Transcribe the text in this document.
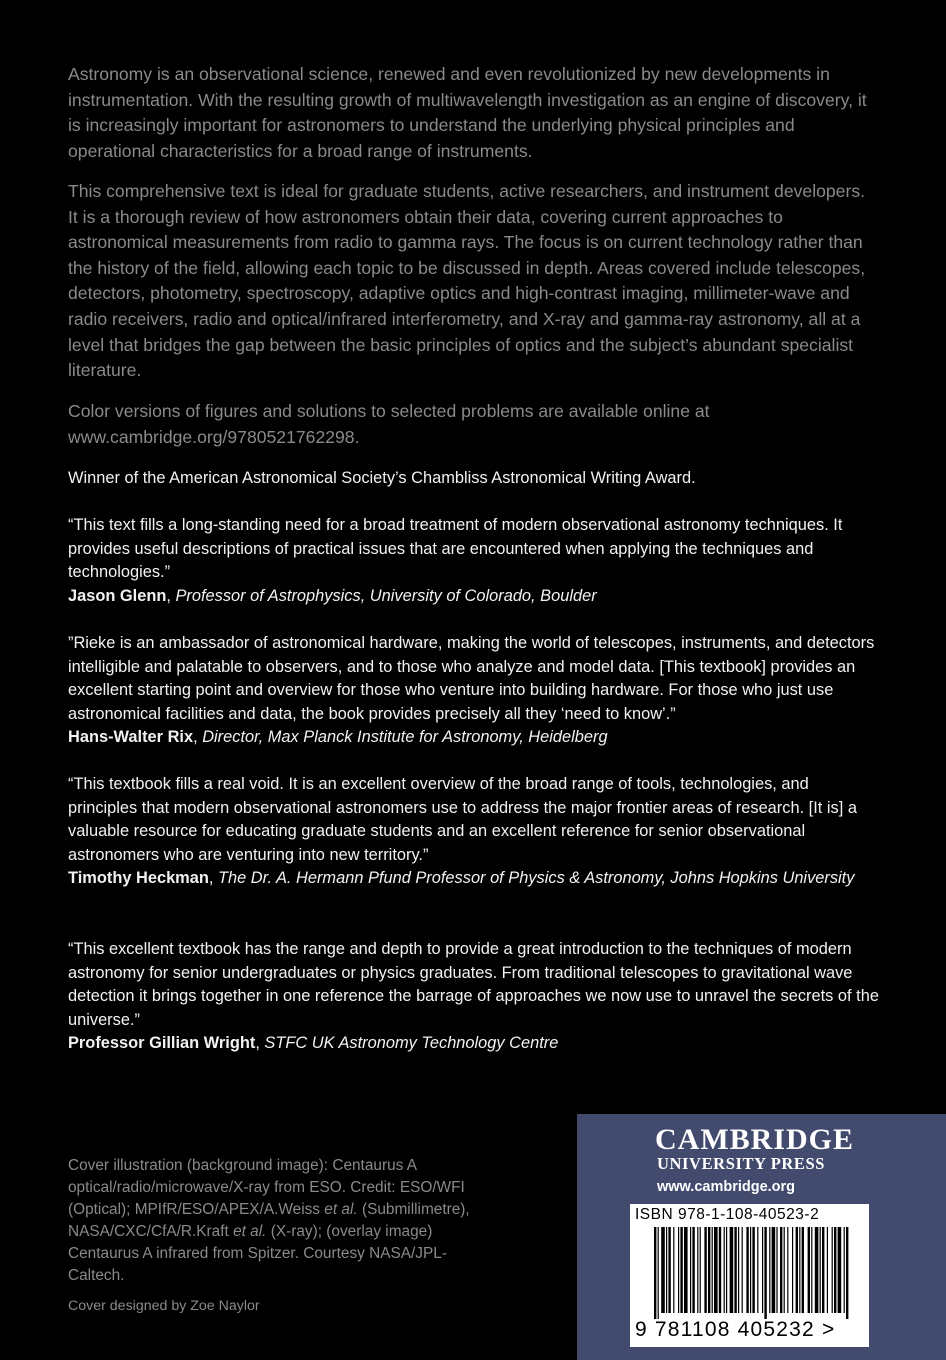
Astronomy is an observational science, renewed and even revolutionized by new developments in instrumentation. With the resulting growth of multiwavelength investigation as an engine of discovery, it is increasingly important for astronomers to understand the underlying physical principles and operational characteristics for a broad range of instruments.

This comprehensive text is ideal for graduate students, active researchers, and instrument developers. It is a thorough review of how astronomers obtain their data, covering current approaches to astronomical measurements from radio to gamma rays. The focus is on current technology rather than the history of the field, allowing each topic to be discussed in depth. Areas covered include telescopes, detectors, photometry, spectroscopy, adaptive optics and high-contrast imaging, millimeter-wave and radio receivers, radio and optical/infrared interferometry, and X-ray and gamma-ray astronomy, all at a level that bridges the gap between the basic principles of optics and the subject’s abundant specialist literature.

Color versions of figures and solutions to selected problems are available online at www.cambridge.org/9780521762298.

Winner of the American Astronomical Society’s Chambliss Astronomical Writing Award.

“This text fills a long-standing need for a broad treatment of modern observational astronomy techniques. It provides useful descriptions of practical issues that are encountered when applying the techniques and technologies.”

Jason Glenn, Professor of Astrophysics, University of Colorado, Boulder

”Rieke is an ambassador of astronomical hardware, making the world of telescopes, instruments, and detectors intelligible and palatable to observers, and to those who analyze and model data. [This textbook] provides an excellent starting point and overview for those who venture into building hardware. For those who just use astronomical facilities and data, the book provides precisely all they ‘need to know’.”

Hans-Walter Rix, Director, Max Planck Institute for Astronomy, Heidelberg

“This textbook fills a real void. It is an excellent overview of the broad range of tools, technologies, and principles that modern observational astronomers use to address the major frontier areas of research. [It is] a valuable resource for educating graduate students and an excellent reference for senior observational astronomers who are venturing into new territory.”

Timothy Heckman, The Dr. A. Hermann Pfund Professor of Physics & Astronomy, Johns Hopkins University

“This excellent textbook has the range and depth to provide a great introduction to the techniques of modern astronomy for senior undergraduates or physics graduates. From traditional telescopes to gravitational wave detection it brings together in one reference the barrage of approaches we now use to unravel the secrets of the universe.”

Professor Gillian Wright, STFC UK Astronomy Technology Centre

Cover illustration (background image): Centaurus A optical/radio/microwave/X-ray from ESO. Credit: ESO/WFI (Optical); MPIfR/ESO/APEX/A.Weiss et al. (Submillimetre), NASA/CXC/CfA/R.Kraft et al. (X-ray); (overlay image) Centaurus A infrared from Spitzer. Courtesy NASA/JPL-Caltech.

Cover designed by Zoe Naylor

CAMBRIDGE
UNIVERSITY PRESS
www.cambridge.org
ISBN 978-1-108-40523-2
9 781108 405232 >
